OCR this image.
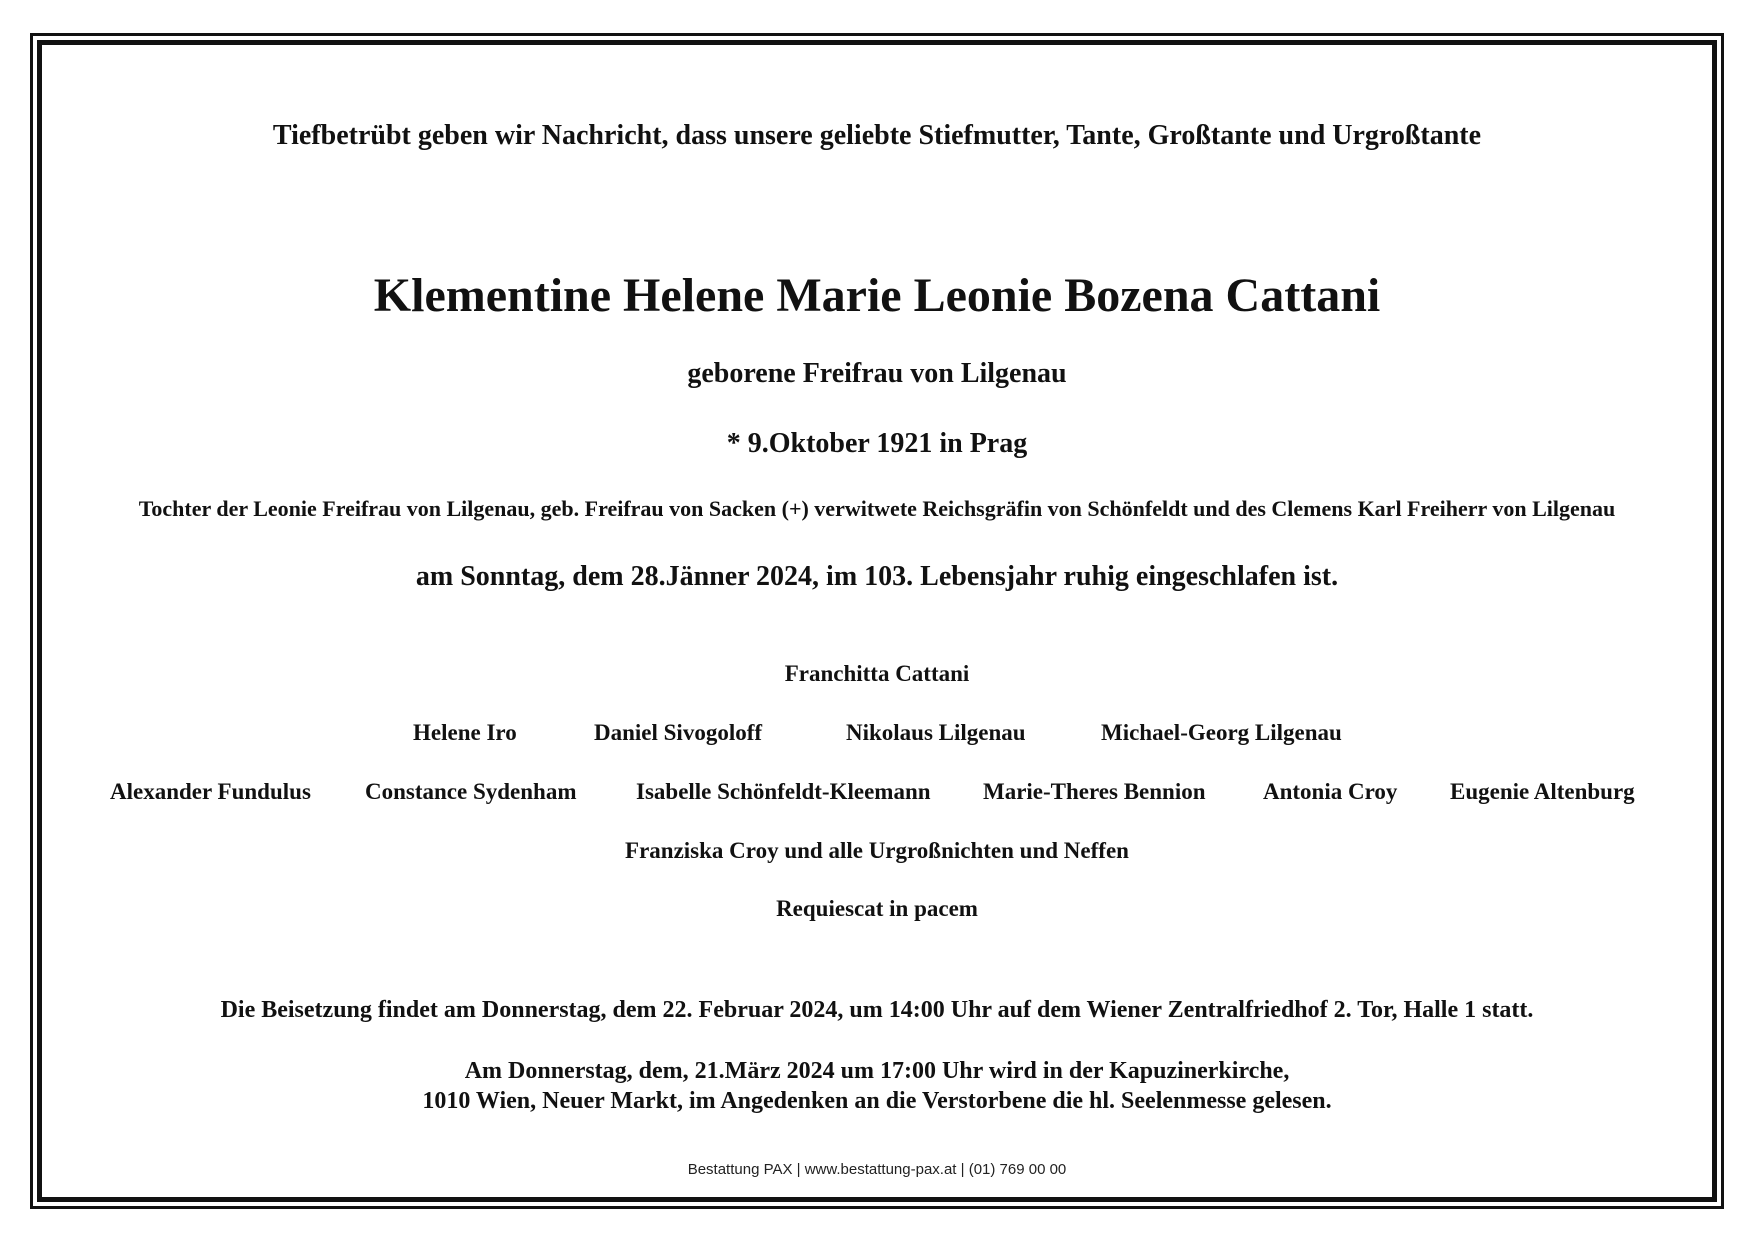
Tiefbetrübt geben wir Nachricht, dass unsere geliebte Stiefmutter, Tante, Großtante und Urgroßtante
Klementine Helene Marie Leonie Bozena Cattani
geborene Freifrau von Lilgenau
* 9.Oktober 1921 in Prag
Tochter der Leonie Freifrau von Lilgenau, geb. Freifrau von Sacken (+) verwitwete Reichsgräfin von Schönfeldt und des Clemens Karl Freiherr von Lilgenau
am Sonntag, dem 28.Jänner 2024, im 103. Lebensjahr ruhig eingeschlafen ist.
Franchitta Cattani
Helene Iro	Daniel Sivogoloff	Nikolaus Lilgenau	Michael-Georg Lilgenau
Alexander Fundulus Constance Sydenham	Isabelle Schönfeldt-Kleemann Marie-Theres Bennion Antonia Croy Eugenie Altenburg
Franziska Croy und alle Urgroßnichten und Neffen
Requiescat in pacem
Die Beisetzung findet am Donnerstag, dem 22. Februar 2024, um 14:00 Uhr auf dem Wiener Zentralfriedhof 2. Tor, Halle 1 statt.
Am Donnerstag, dem, 21.März 2024 um 17:00 Uhr wird in der Kapuzinerkirche,
1010 Wien, Neuer Markt, im Angedenken an die Verstorbene die hl. Seelenmesse gelesen.
Bestattung PAX | www.bestattung-pax.at | (01) 769 00 00
